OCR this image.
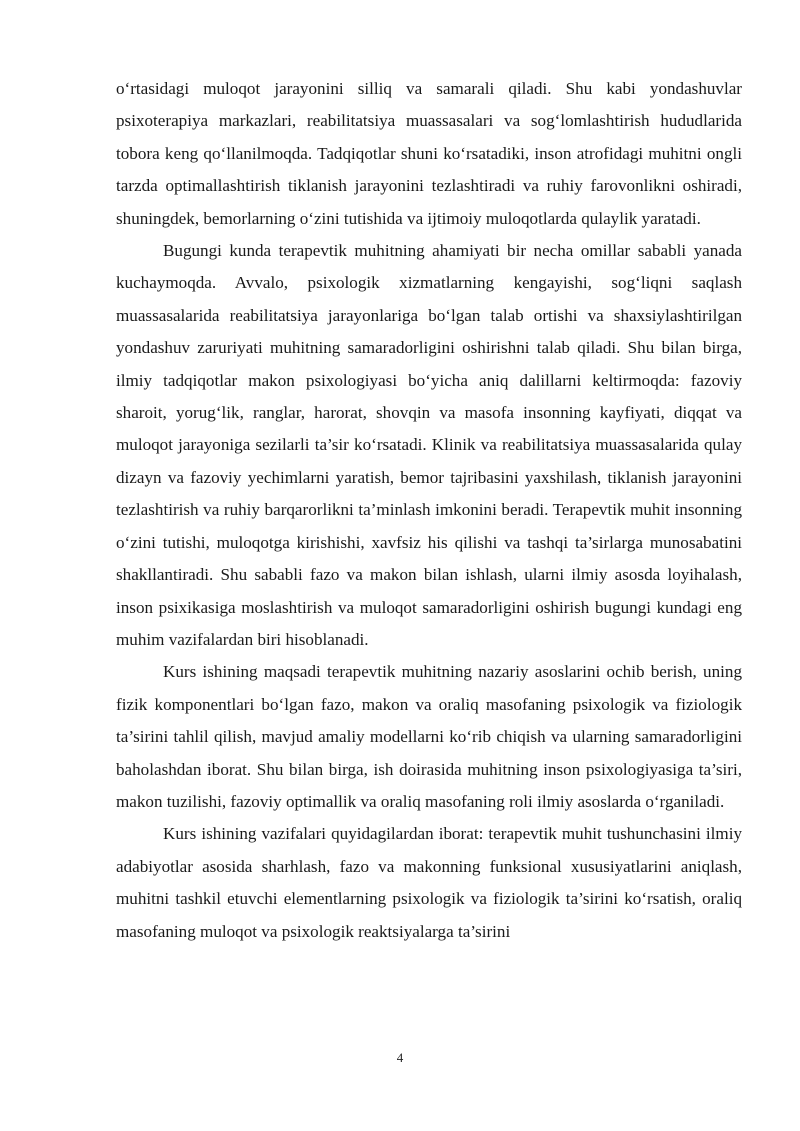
o‘rtasidagi muloqot jarayonini silliq va samarali qiladi. Shu kabi yondashuvlar psixoterapiya markazlari, reabilitatsiya muassasalari va sog‘lomlashtirish hududlarida tobora keng qo‘llanilmoqda. Tadqiqotlar shuni ko‘rsatadiki, inson atrofidagi muhitni ongli tarzda optimallashtirish tiklanish jarayonini tezlashtiradi va ruhiy farovonlikni oshiradi, shuningdek, bemorlarning o‘zini tutishida va ijtimoiy muloqotlarda qulaylik yaratadi.

Bugungi kunda terapevtik muhitning ahamiyati bir necha omillar sababli yanada kuchaymoqda. Avvalo, psixologik xizmatlarning kengayishi, sog‘liqni saqlash muassasalarida reabilitatsiya jarayonlariga bo‘lgan talab ortishi va shaxsiylashtirilgan yondashuv zaruriyati muhitning samaradorligini oshirishni talab qiladi. Shu bilan birga, ilmiy tadqiqotlar makon psixologiyasi bo‘yicha aniq dalillarni keltirmoqda: fazoviy sharoit, yorug‘lik, ranglar, harorat, shovqin va masofa insonning kayfiyati, diqqat va muloqot jarayoniga sezilarli ta’sir ko‘rsatadi. Klinik va reabilitatsiya muassasalarida qulay dizayn va fazoviy yechimlarni yaratish, bemor tajribasini yaxshilash, tiklanish jarayonini tezlashtirish va ruhiy barqarorlikni ta’minlash imkonini beradi. Terapevtik muhit insonning o‘zini tutishi, muloqotga kirishishi, xavfsiz his qilishi va tashqi ta’sirlarga munosabatini shakllantiradi. Shu sababli fazo va makon bilan ishlash, ularni ilmiy asosda loyihalash, inson psixikasiga moslashtirish va muloqot samaradorligini oshirish bugungi kundagi eng muhim vazifalardan biri hisoblanadi.

Kurs ishining maqsadi terapevtik muhitning nazariy asoslarini ochib berish, uning fizik komponentlari bo‘lgan fazo, makon va oraliq masofaning psixologik va fiziologik ta’sirini tahlil qilish, mavjud amaliy modellarni ko‘rib chiqish va ularning samaradorligini baholashdan iborat. Shu bilan birga, ish doirasida muhitning inson psixologiyasiga ta’siri, makon tuzilishi, fazoviy optimallik va oraliq masofaning roli ilmiy asoslarda o‘rganiladi.

Kurs ishining vazifalari quyidagilardan iborat: terapevtik muhit tushunchasini ilmiy adabiyotlar asosida sharhlash, fazo va makonning funksional xususiyatlarini aniqlash, muhitni tashkil etuvchi elementlarning psixologik va fiziologik ta’sirini ko‘rsatish, oraliq masofaning muloqot va psixologik reaktsiyalarga ta’sirini

4
